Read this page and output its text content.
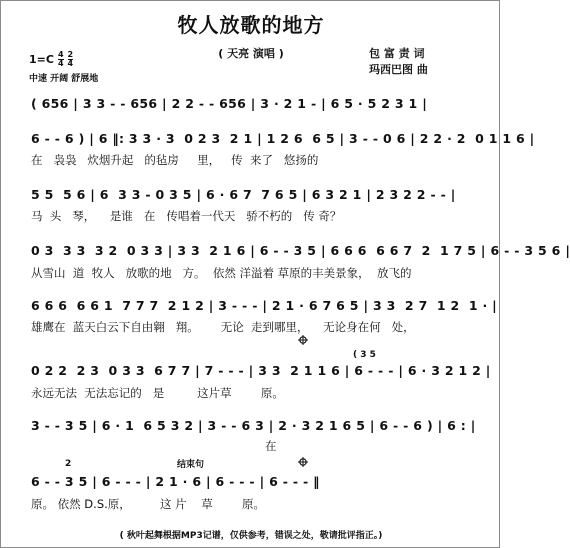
牧人放歌的地方
( 天亮 演唱 )	包 富 责 词
玛西巴图 曲
1=C 4
4
2
4
中速 开阔 舒展地
( 656 | 3 3 - - 656 | 2 2 - - 656 | 3 · 2 1 - | 6 5 · 5 2 3 1 |
6 - - 6 ) | 6 ‖: 3 3 · 3  0 2 3  2 1 | 1 2 6  6 5 | 3 - - 0 6 | 2 2 · 2  0 1 1 6 |
在   袅袅   炊烟升起   的毡房     里，   传  来了   悠扬的
5 5  5 6 | 6  3 3 - 0 3 5 | 6 · 6 7  7 6 5 | 6 3 2 1 | 2 3 2 2 - - |
马  头   琴，    是谁   在   传唱着一代天   骄不朽的   传 奇？
0 3  3 3  3 2  0 3 3 | 3 3  2 1 6 | 6 - - 3 5 | 6 6 6  6 6 7  2  1 7 5 | 6 - - 3 5 6 |
从雪山  道  牧人   放歌的地   方。  依然 洋溢着 草原的丰美景象，  放飞的
6 6 6  6 6 1  7 7 7  2 1 2 | 3 - - - | 2 1 · 6 7 6 5 | 3 3  2 7  1 2  1 · |
雄鹰在  蓝天白云下自由翱   翔。      无论  走到哪里，    无论身在何   处，
( 3 5
0 2 2  2 3  0 3 3  6 7 7 | 7 - - - | 3 3  2 1 1 6 | 6 - - - | 6 · 3 2 1 2 |
永远无法  无法忘记的   是         这片草        原。
3 - - 3 5 | 6 · 1  6 5 3 2 | 3 - - 6 3 | 2 · 3 2 1 6 5 | 6 - - 6 ) | 6 : |
在
2	结束句
6 - - 3 5 | 6 - - - | 2 1 · 6 | 6 - - - | 6 - - - ‖
原。 依然 D.S.原，        这 片    草        原。
( 秋叶起舞根据MP3记谱，仅供参考，错误之处，敬请批评指正。)
